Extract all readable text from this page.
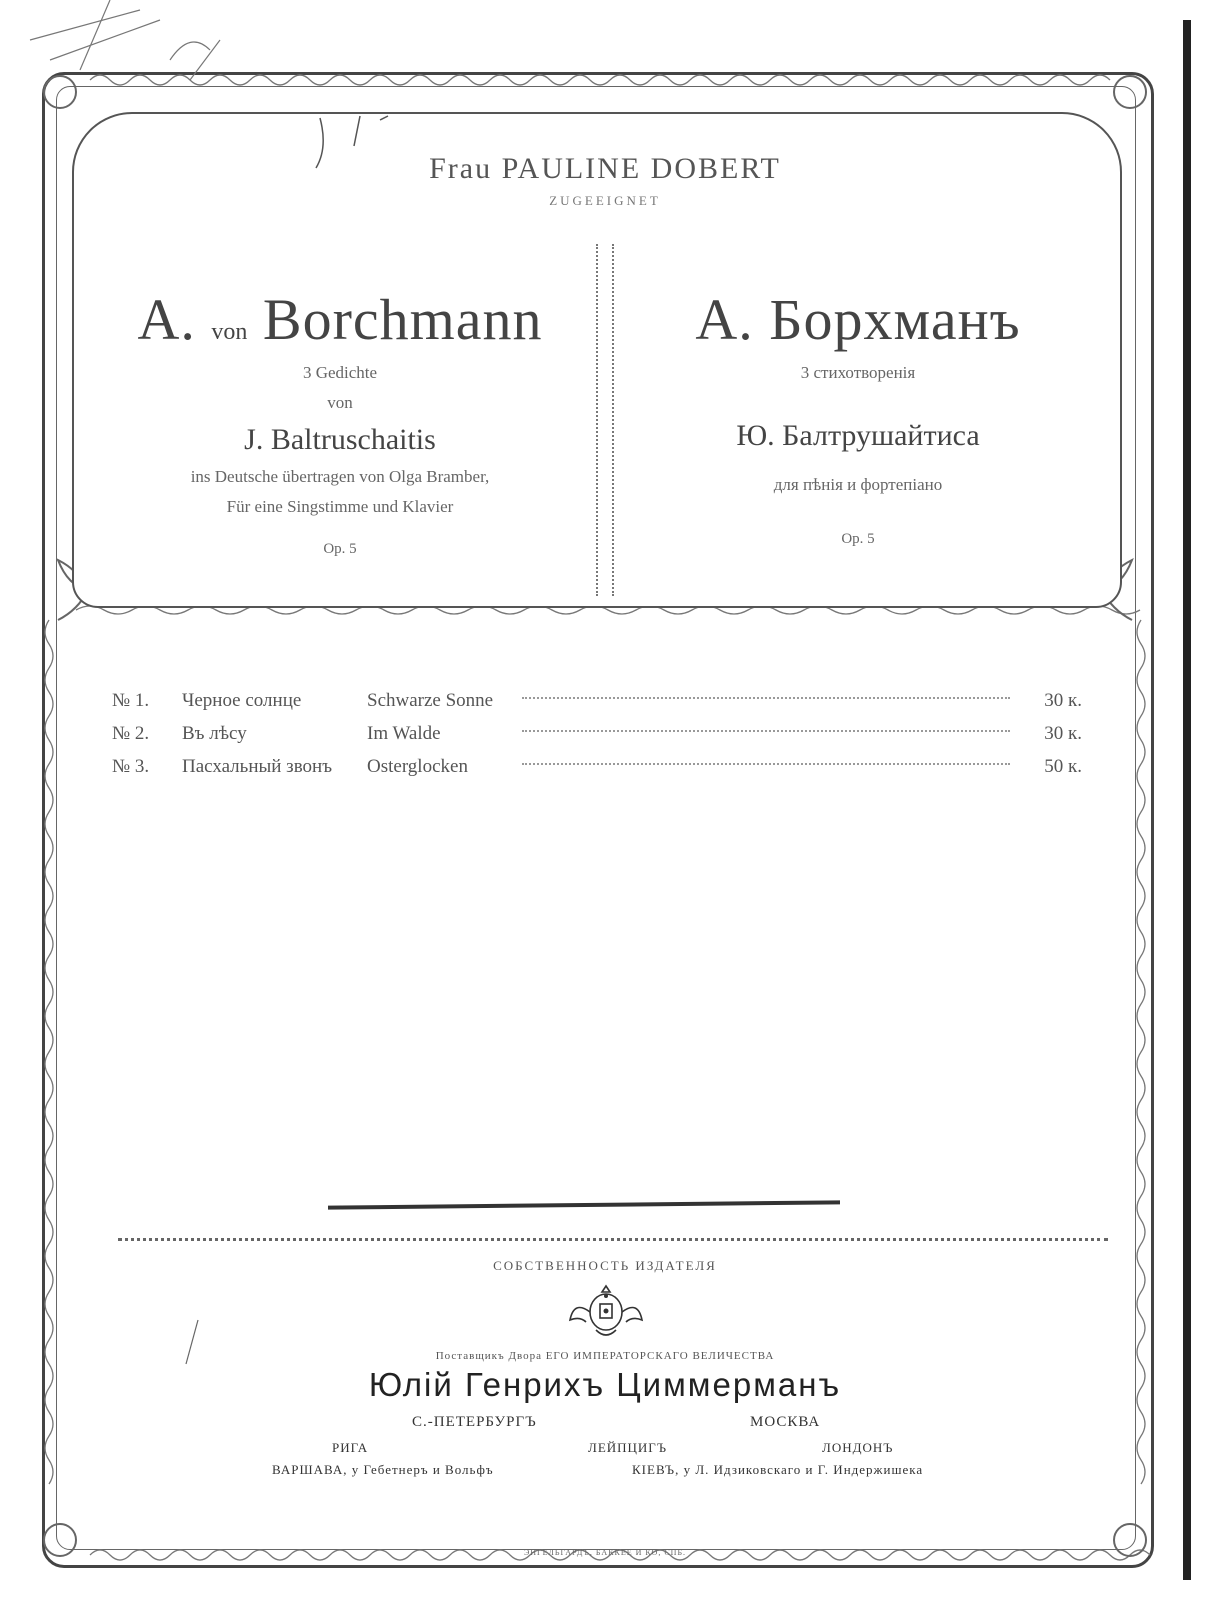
Frau PAULINE DOBERT
ZUGEEIGNET
A. von Borchmann
3 Gedichte
von
J. Baltruschaitis
ins Deutsche übertragen von Olga Bramber,
Für eine Singstimme und Klavier
Op. 5
А. Борхманъ
3 стихотворенія
Ю. Балтрушайтиса
для пѣнія и фортепіано
Ор. 5
№ 1.	Черное солнце	Schwarze Sonne	30 к.
№ 2.	Въ лѣсу	Im Walde	30 к.
№ 3.	Пасхальный звонъ	Osterglocken	50 к.
СОБСТВЕННОСТЬ ИЗДАТЕЛЯ
Поставщикъ Двора ЕГО ИМПЕРАТОРСКАГО ВЕЛИЧЕСТВА
Юлiй Генрихъ Циммерманъ
С.-ПЕТЕРБУРГЪ	МОСКВА
РИГА	ЛЕЙПЦИГЪ	ЛОНДОНЪ
ВАРШАВА, у Гебетнеръ и Вольфъ	КIЕВЪ, у Л. Идзиковскаго и Г. Индержишека
ЭНГЕЛЬГАРДЪ, БАККЕЕ И КО, СПБ.
